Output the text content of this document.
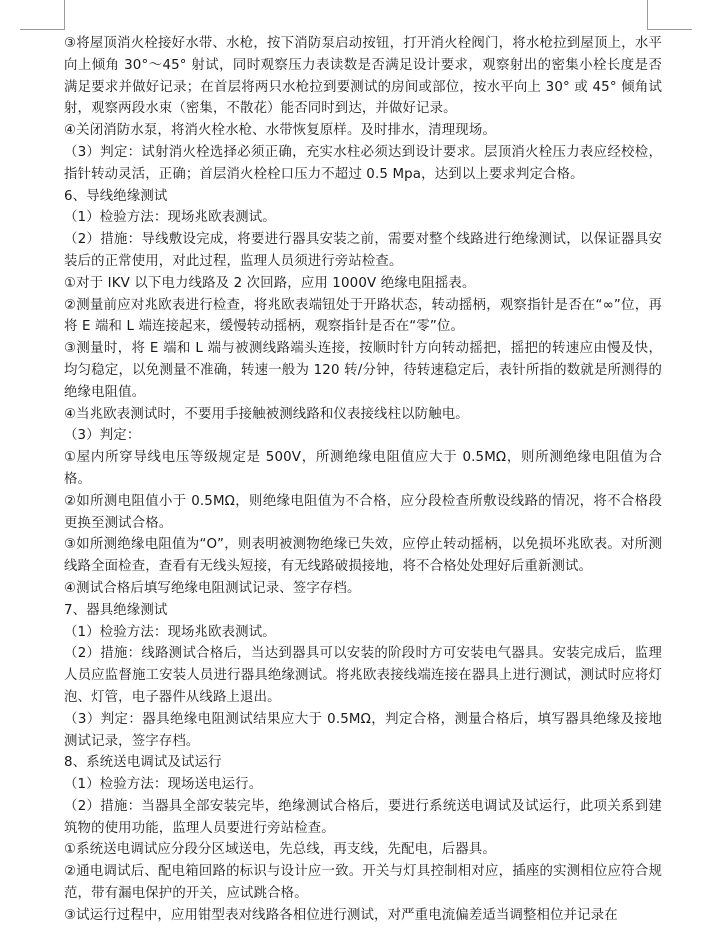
③将屋顶消火栓接好水带、水枪，按下消防泵启动按钮，打开消火栓阀门，将水枪拉到屋顶上，水平向上倾角 30°～45° 射试，同时观察压力表读数是否满足设计要求，观察射出的密集小栓长度是否满足要求并做好记录；在首层将两只水枪拉到要测试的房间或部位，按水平向上 30° 或 45° 倾角试射，观察两段水束（密集，不散花）能否同时到达，并做好记录。

④关闭消防水泵，将消火栓水枪、水带恢复原样。及时排水，清理现场。

（3）判定：试射消火栓选择必须正确，充实水柱必须达到设计要求。层顶消火栓压力表应经校检，指针转动灵活，正确；首层消火栓栓口压力不超过 0.5 Mpa，达到以上要求判定合格。

6、导线绝缘测试

（1）检验方法：现场兆欧表测试。

（2）措施：导线敷设完成，将要进行器具安装之前，需要对整个线路进行绝缘测试，以保证器具安装后的正常使用，对此过程，监理人员须进行旁站检查。

①对于 IKV 以下电力线路及 2 次回路，应用 1000V 绝缘电阻摇表。

②测量前应对兆欧表进行检查，将兆欧表端钮处于开路状态，转动摇柄，观察指针是否在“∞”位，再将 E 端和 L 端连接起来，缓慢转动摇柄，观察指针是否在“零”位。

③测量时，将 E 端和 L 端与被测线路端头连接，按顺时针方向转动摇把，摇把的转速应由慢及快，均匀稳定，以免测量不准确，转速一般为 120 转/分钟，待转速稳定后，表针所指的数就是所测得的绝缘电阻值。

④当兆欧表测试时，不要用手接触被测线路和仪表接线柱以防触电。

（3）判定：

①屋内所穿导线电压等级规定是 500V，所测绝缘电阻值应大于 0.5MΩ，则所测绝缘电阻值为合格。

②如所测电阻值小于 0.5MΩ，则绝缘电阻值为不合格，应分段检查所敷设线路的情况，将不合格段更换至测试合格。

③如所测绝缘电阻值为“O”，则表明被测物绝缘已失效，应停止转动摇柄，以免损坏兆欧表。对所测线路全面检查，查看有无线头短接，有无线路破损接地，将不合格处处理好后重新测试。

④测试合格后填写绝缘电阻测试记录、签字存档。

7、器具绝缘测试

（1）检验方法：现场兆欧表测试。

（2）措施：线路测试合格后，当达到器具可以安装的阶段时方可安装电气器具。安装完成后，监理人员应监督施工安装人员进行器具绝缘测试。将兆欧表接线端连接在器具上进行测试，测试时应将灯泡、灯管，电子器件从线路上退出。

（3）判定：器具绝缘电阻测试结果应大于 0.5MΩ，判定合格，测量合格后，填写器具绝缘及接地测试记录，签字存档。

8、系统送电调试及试运行

（1）检验方法：现场送电运行。

（2）措施：当器具全部安装完毕，绝缘测试合格后，要进行系统送电调试及试运行，此项关系到建筑物的使用功能，监理人员要进行旁站检查。

①系统送电调试应分段分区域送电，先总线，再支线，先配电，后器具。

②通电调试后、配电箱回路的标识与设计应一致。开关与灯具控制相对应，插座的实测相位应符合规范，带有漏电保护的开关，应试跳合格。

③试运行过程中，应用钳型表对线路各相位进行测试，对严重电流偏差适当调整相位并记录在
